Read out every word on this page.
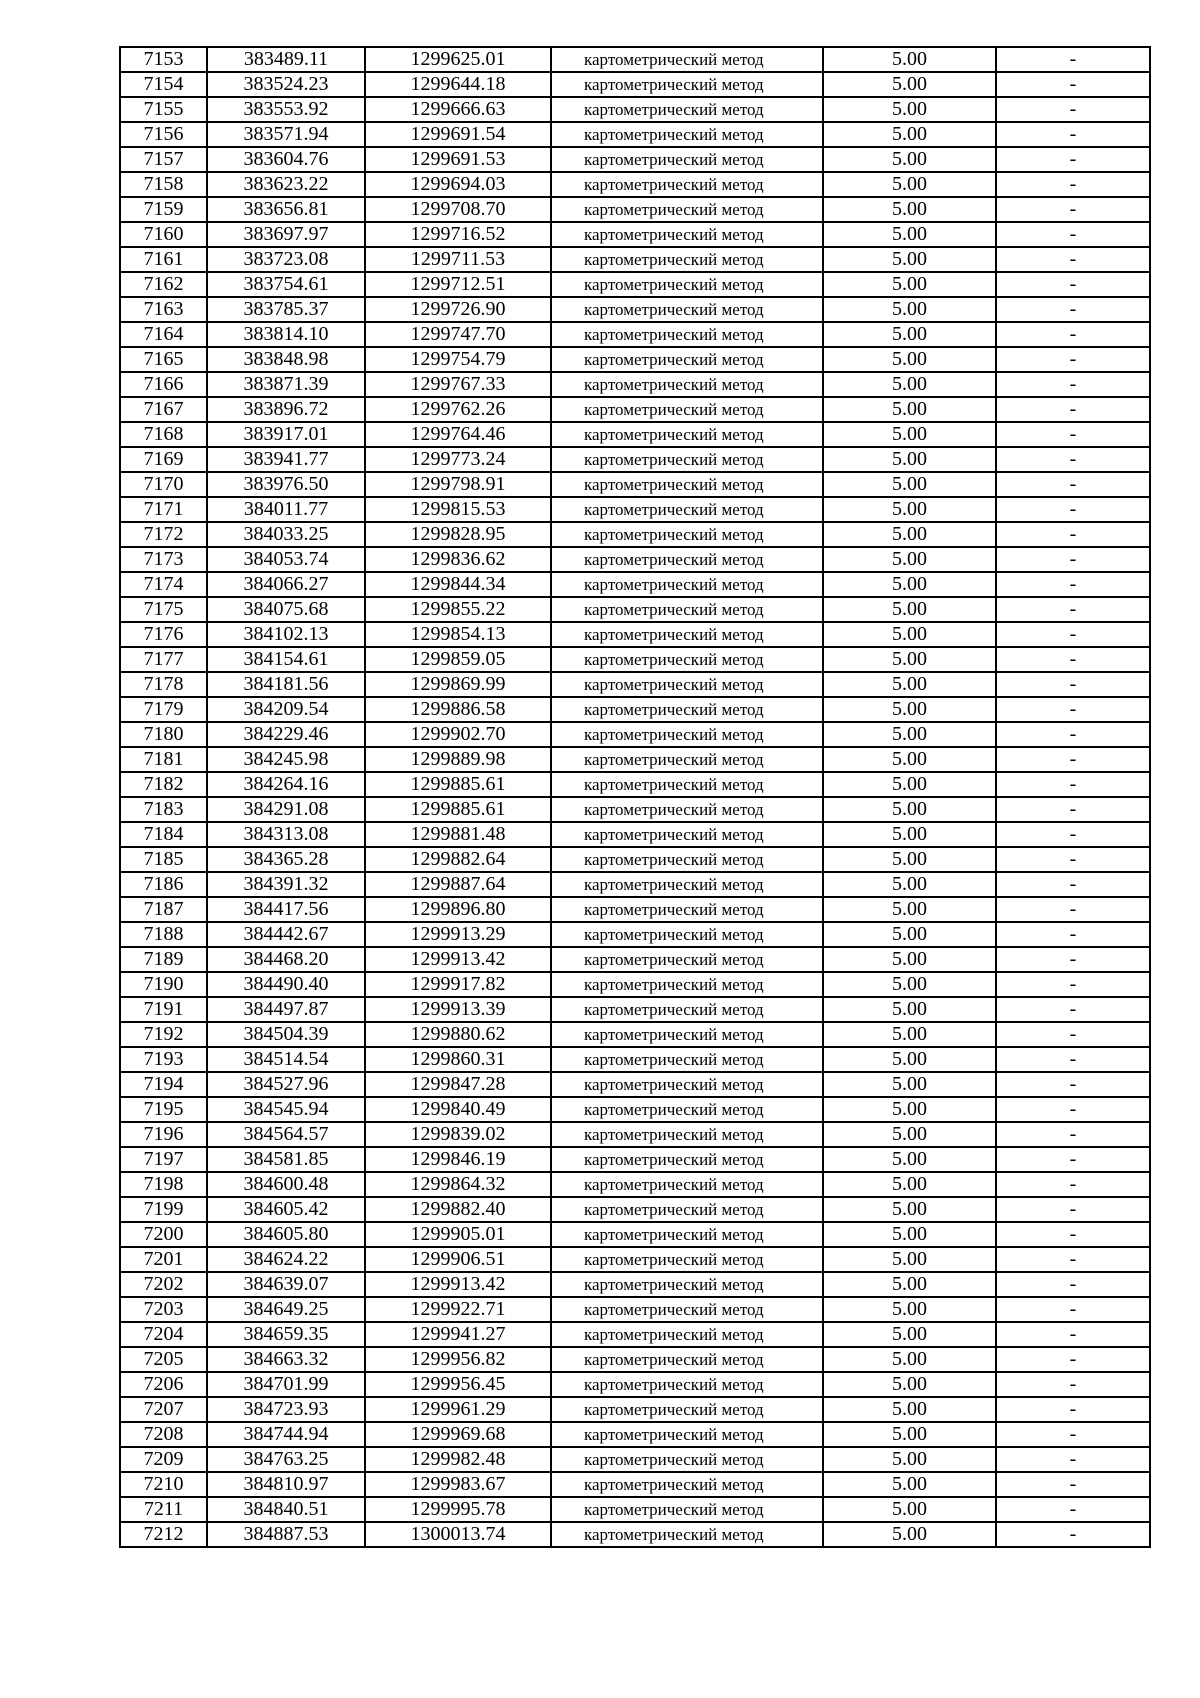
7153	383489.11	1299625.01	картометрический метод	5.00	-
7154	383524.23	1299644.18	картометрический метод	5.00	-
7155	383553.92	1299666.63	картометрический метод	5.00	-
7156	383571.94	1299691.54	картометрический метод	5.00	-
7157	383604.76	1299691.53	картометрический метод	5.00	-
7158	383623.22	1299694.03	картометрический метод	5.00	-
7159	383656.81	1299708.70	картометрический метод	5.00	-
7160	383697.97	1299716.52	картометрический метод	5.00	-
7161	383723.08	1299711.53	картометрический метод	5.00	-
7162	383754.61	1299712.51	картометрический метод	5.00	-
7163	383785.37	1299726.90	картометрический метод	5.00	-
7164	383814.10	1299747.70	картометрический метод	5.00	-
7165	383848.98	1299754.79	картометрический метод	5.00	-
7166	383871.39	1299767.33	картометрический метод	5.00	-
7167	383896.72	1299762.26	картометрический метод	5.00	-
7168	383917.01	1299764.46	картометрический метод	5.00	-
7169	383941.77	1299773.24	картометрический метод	5.00	-
7170	383976.50	1299798.91	картометрический метод	5.00	-
7171	384011.77	1299815.53	картометрический метод	5.00	-
7172	384033.25	1299828.95	картометрический метод	5.00	-
7173	384053.74	1299836.62	картометрический метод	5.00	-
7174	384066.27	1299844.34	картометрический метод	5.00	-
7175	384075.68	1299855.22	картометрический метод	5.00	-
7176	384102.13	1299854.13	картометрический метод	5.00	-
7177	384154.61	1299859.05	картометрический метод	5.00	-
7178	384181.56	1299869.99	картометрический метод	5.00	-
7179	384209.54	1299886.58	картометрический метод	5.00	-
7180	384229.46	1299902.70	картометрический метод	5.00	-
7181	384245.98	1299889.98	картометрический метод	5.00	-
7182	384264.16	1299885.61	картометрический метод	5.00	-
7183	384291.08	1299885.61	картометрический метод	5.00	-
7184	384313.08	1299881.48	картометрический метод	5.00	-
7185	384365.28	1299882.64	картометрический метод	5.00	-
7186	384391.32	1299887.64	картометрический метод	5.00	-
7187	384417.56	1299896.80	картометрический метод	5.00	-
7188	384442.67	1299913.29	картометрический метод	5.00	-
7189	384468.20	1299913.42	картометрический метод	5.00	-
7190	384490.40	1299917.82	картометрический метод	5.00	-
7191	384497.87	1299913.39	картометрический метод	5.00	-
7192	384504.39	1299880.62	картометрический метод	5.00	-
7193	384514.54	1299860.31	картометрический метод	5.00	-
7194	384527.96	1299847.28	картометрический метод	5.00	-
7195	384545.94	1299840.49	картометрический метод	5.00	-
7196	384564.57	1299839.02	картометрический метод	5.00	-
7197	384581.85	1299846.19	картометрический метод	5.00	-
7198	384600.48	1299864.32	картометрический метод	5.00	-
7199	384605.42	1299882.40	картометрический метод	5.00	-
7200	384605.80	1299905.01	картометрический метод	5.00	-
7201	384624.22	1299906.51	картометрический метод	5.00	-
7202	384639.07	1299913.42	картометрический метод	5.00	-
7203	384649.25	1299922.71	картометрический метод	5.00	-
7204	384659.35	1299941.27	картометрический метод	5.00	-
7205	384663.32	1299956.82	картометрический метод	5.00	-
7206	384701.99	1299956.45	картометрический метод	5.00	-
7207	384723.93	1299961.29	картометрический метод	5.00	-
7208	384744.94	1299969.68	картометрический метод	5.00	-
7209	384763.25	1299982.48	картометрический метод	5.00	-
7210	384810.97	1299983.67	картометрический метод	5.00	-
7211	384840.51	1299995.78	картометрический метод	5.00	-
7212	384887.53	1300013.74	картометрический метод	5.00	-
